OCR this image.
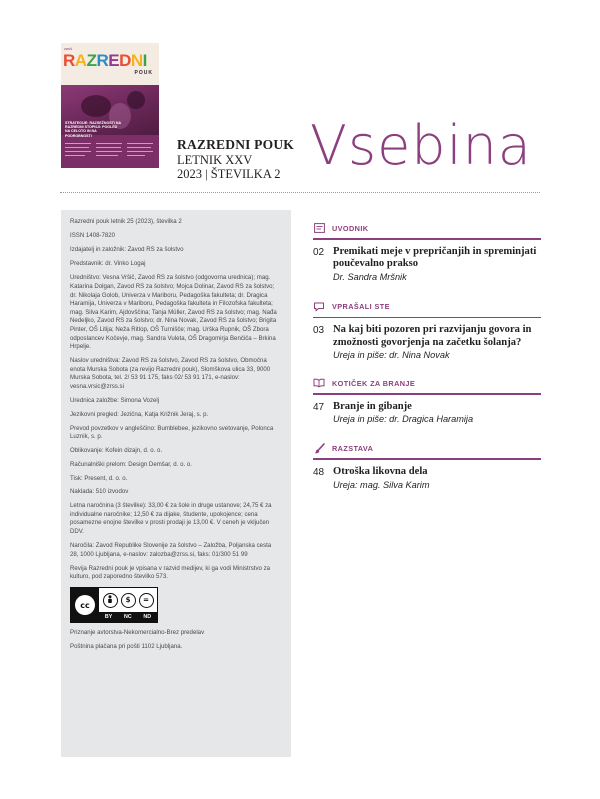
ZRSŠ
RAZREDNI
POUK
STRATEGIJE: RAZSEŽNOSTI NA RAZREDNI STOPNJI: POGLED NA CELOTO IN NA PODROBNOSTI
RAZREDNI POUK
LETNIK XXV
2023 | ŠTEVILKA 2 Vsebina

Razredni pouk letnik 25 (2023), številka 2

ISSN 1408-7820

Izdajatelj in založnik: Zavod RS za šolstvo

Predstavnik: dr. Vinko Logaj

Uredništvo: Vesna Vršič, Zavod RS za šolstvo (odgovorna urednica); mag. Katarina Dolgan, Zavod RS za šolstvo; Mojca Dolinar, Zavod RS za šolstvo; dr. Nikolaja Golob, Univerza v Mariboru, Pedagoška fakulteta; dr. Dragica Haramija, Univerza v Mariboru, Pedagoška fakulteta in Filozofska fakulteta; mag. Silva Karim, Ajdovščina; Tanja Müller, Zavod RS za šolstvo; mag. Nađa Nedeljko, Zavod RS za šolstvo; dr. Nina Novak, Zavod RS za šolstvo; Brigita Pinter, OŠ Litija; Neža Ritlop, OŠ Turnišče; mag. Urška Rupnik, OŠ Zbora odposlancev Kočevje, mag. Sandra Vuleta, OŠ Dragomirja Benčiča – Brkina Hrpelje.

Naslov uredništva: Zavod RS za šolstvo, Zavod RS za šolstvo, Območna enota Murska Sobota (za revijo Razredni pouk), Slomškova ulica 33, 9000 Murska Sobota, tel. 2/ 53 91 175, faks 02/ 53 91 171, e-naslov: vesna.vrsic@zrss.si

Urednica založbe: Simona Vozelj

Jezikovni pregled: Jezična, Katja Križnik Jeraj, s. p.

Prevod povzetkov v angleščino: Bumblebee, jezikovno svetovanje, Polonca Luznik, s. p.

Oblikovanje: Kofein dizajn, d. o. o.

Računalniški prelom: Design Demšar, d. o. o.

Tisk: Present, d. o. o.

Naklada: 510 izvodov

Letna naročnina (3 številke): 33,00 € za šole in druge ustanove; 24,75 € za individualne naročnike; 12,50 € za dijake, študente, upokojence; cena posamezne enojne številke v prosti prodaji je 13,00 €. V ceneh je vključen DDV.

Naročila: Zavod Republike Slovenije za šolstvo – Založba, Poljanska cesta 28, 1000 Ljubljana, e-naslov: zalozba@zrss.si, faks: 01/300 51 99

Revija Razredni pouk je vpisana v razvid medijev, ki ga vodi Ministrstvo za kulturo, pod zaporedno številko 573.

cc
$	=
BY NC ND

Priznanje avtorstva-Nekomercialno-Brez predelav

Poštnina plačana pri pošti 1102 Ljubljana.

UVODNIK
02 Premikati meje v prepričanjih in spreminjati poučevalno prakso
Dr. Sandra Mršnik
VPRAŠALI STE
03 Na kaj biti pozoren pri razvijanju govora in zmožnosti govorjenja na začetku šolanja?
Ureja in piše: dr. Nina Novak
KOTIČEK ZA BRANJE
47 Branje in gibanje
Ureja in piše: dr. Dragica Haramija
RAZSTAVA
48 Otroška likovna dela
Ureja: mag. Silva Karim
